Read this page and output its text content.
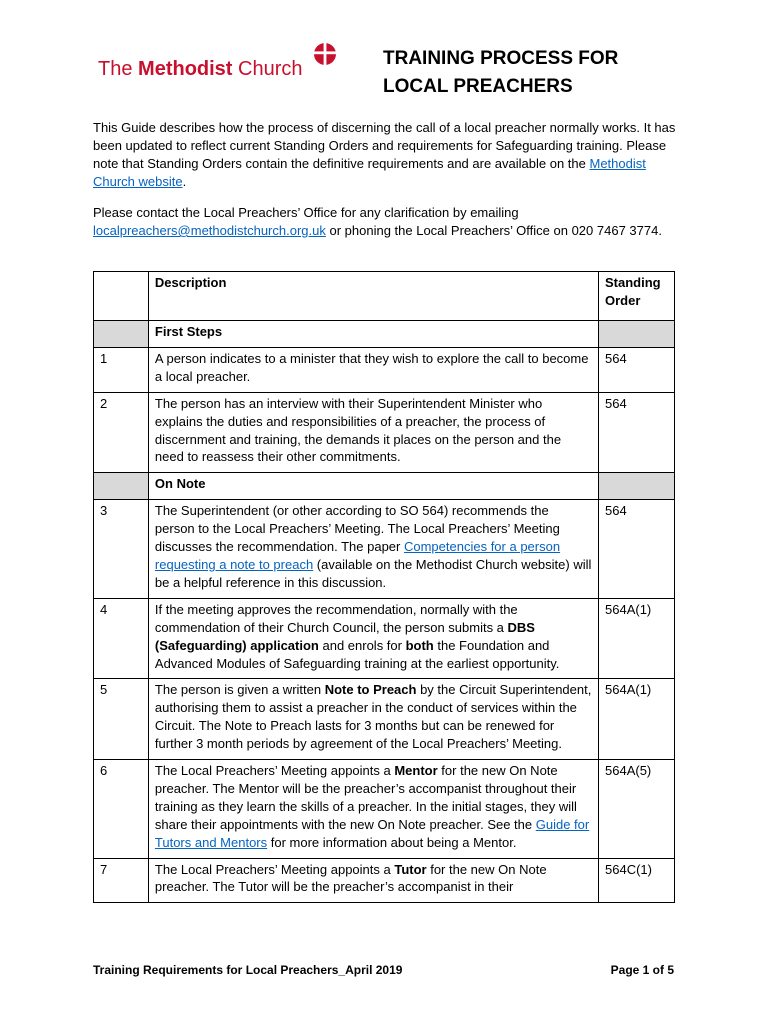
The Methodist Church	TRAINING PROCESS FOR
LOCAL PREACHERS
This Guide describes how the process of discerning the call of a local preacher normally works. It has been updated to reflect current Standing Orders and requirements for Safeguarding training. Please note that Standing Orders contain the definitive requirements and are available on the Methodist Church website.
Please contact the Local Preachers’ Office for any clarification by emailing localpreachers@methodistchurch.org.uk or phoning the Local Preachers’ Office on 020 7467 3774.
	Description	Standing Order
	First Steps	
1	A person indicates to a minister that they wish to explore the call to become a local preacher.	564
2	The person has an interview with their Superintendent Minister who explains the duties and responsibilities of a preacher, the process of discernment and training, the demands it places on the person and the need to reassess their other commitments.	564
	On Note	
3	The Superintendent (or other according to SO 564) recommends the person to the Local Preachers’ Meeting. The Local Preachers’ Meeting discusses the recommendation. The paper Competencies for a person requesting a note to preach (available on the Methodist Church website) will be a helpful reference in this discussion.	564
4	If the meeting approves the recommendation, normally with the commendation of their Church Council, the person submits a DBS (Safeguarding) application and enrols for both the Foundation and Advanced Modules of Safeguarding training at the earliest opportunity.	564A(1)
5	The person is given a written Note to Preach by the Circuit Superintendent, authorising them to assist a preacher in the conduct of services within the Circuit. The Note to Preach lasts for 3 months but can be renewed for further 3 month periods by agreement of the Local Preachers’ Meeting.	564A(1)
6	The Local Preachers’ Meeting appoints a Mentor for the new On Note preacher. The Mentor will be the preacher’s accompanist throughout their training as they learn the skills of a preacher. In the initial stages, they will share their appointments with the new On Note preacher. See the Guide for Tutors and Mentors for more information about being a Mentor.	564A(5)
7	The Local Preachers’ Meeting appoints a Tutor for the new On Note preacher. The Tutor will be the preacher’s accompanist in their	564C(1)
Training Requirements for Local Preachers_April 2019	Page 1 of 5
